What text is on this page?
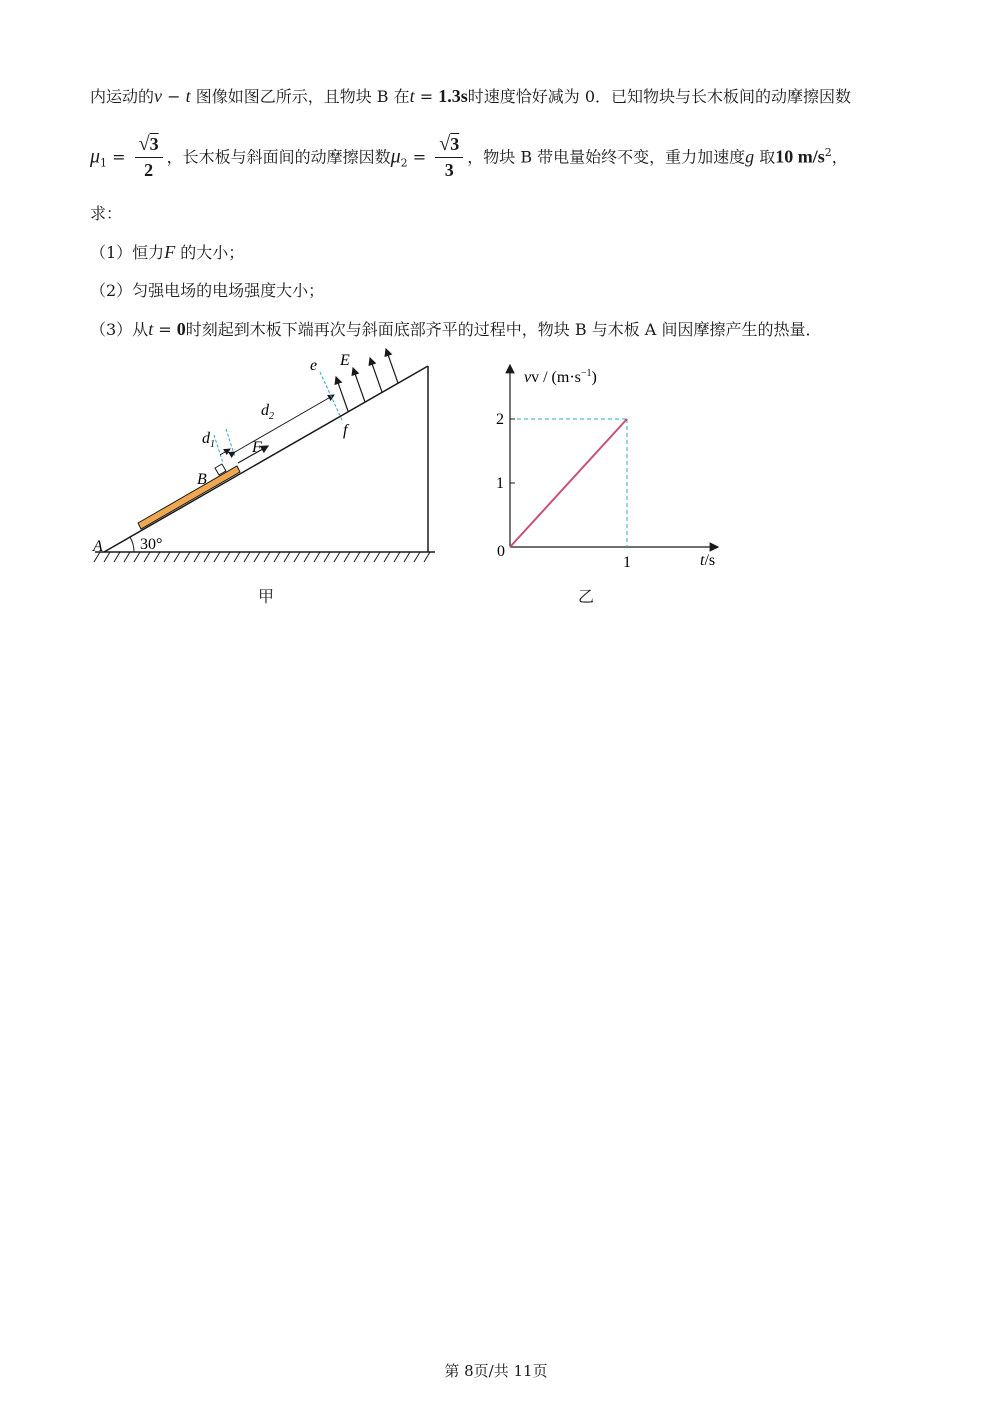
内运动的v − t 图像如图乙所示，且物块 B 在t = 1.3s时速度恰好减为 0．已知物块与长木板间的动摩擦因数
$\mu_1 = \frac{√3}{2}$ ，长木板与斜面间的动摩擦因数$\mu_2 = \frac{√3}{3}$ ，物块 B 带电量始终不变，重力加速度g 取10 $m/s^2$，
求：
（1）恒力F 的大小；
（2）匀强电场的电场强度大小；
（3）从t = 0时刻起到木板下端再次与斜面底部齐平的过程中，物块 B 与木板 A 间因摩擦产生的热量．
30°
A
B
$d_1$ F
$d_2$
e
f
E
甲
vv / $(m\cdot s^{-1})$
t/s
0
1
2
1
乙
第 8页/共 11页
